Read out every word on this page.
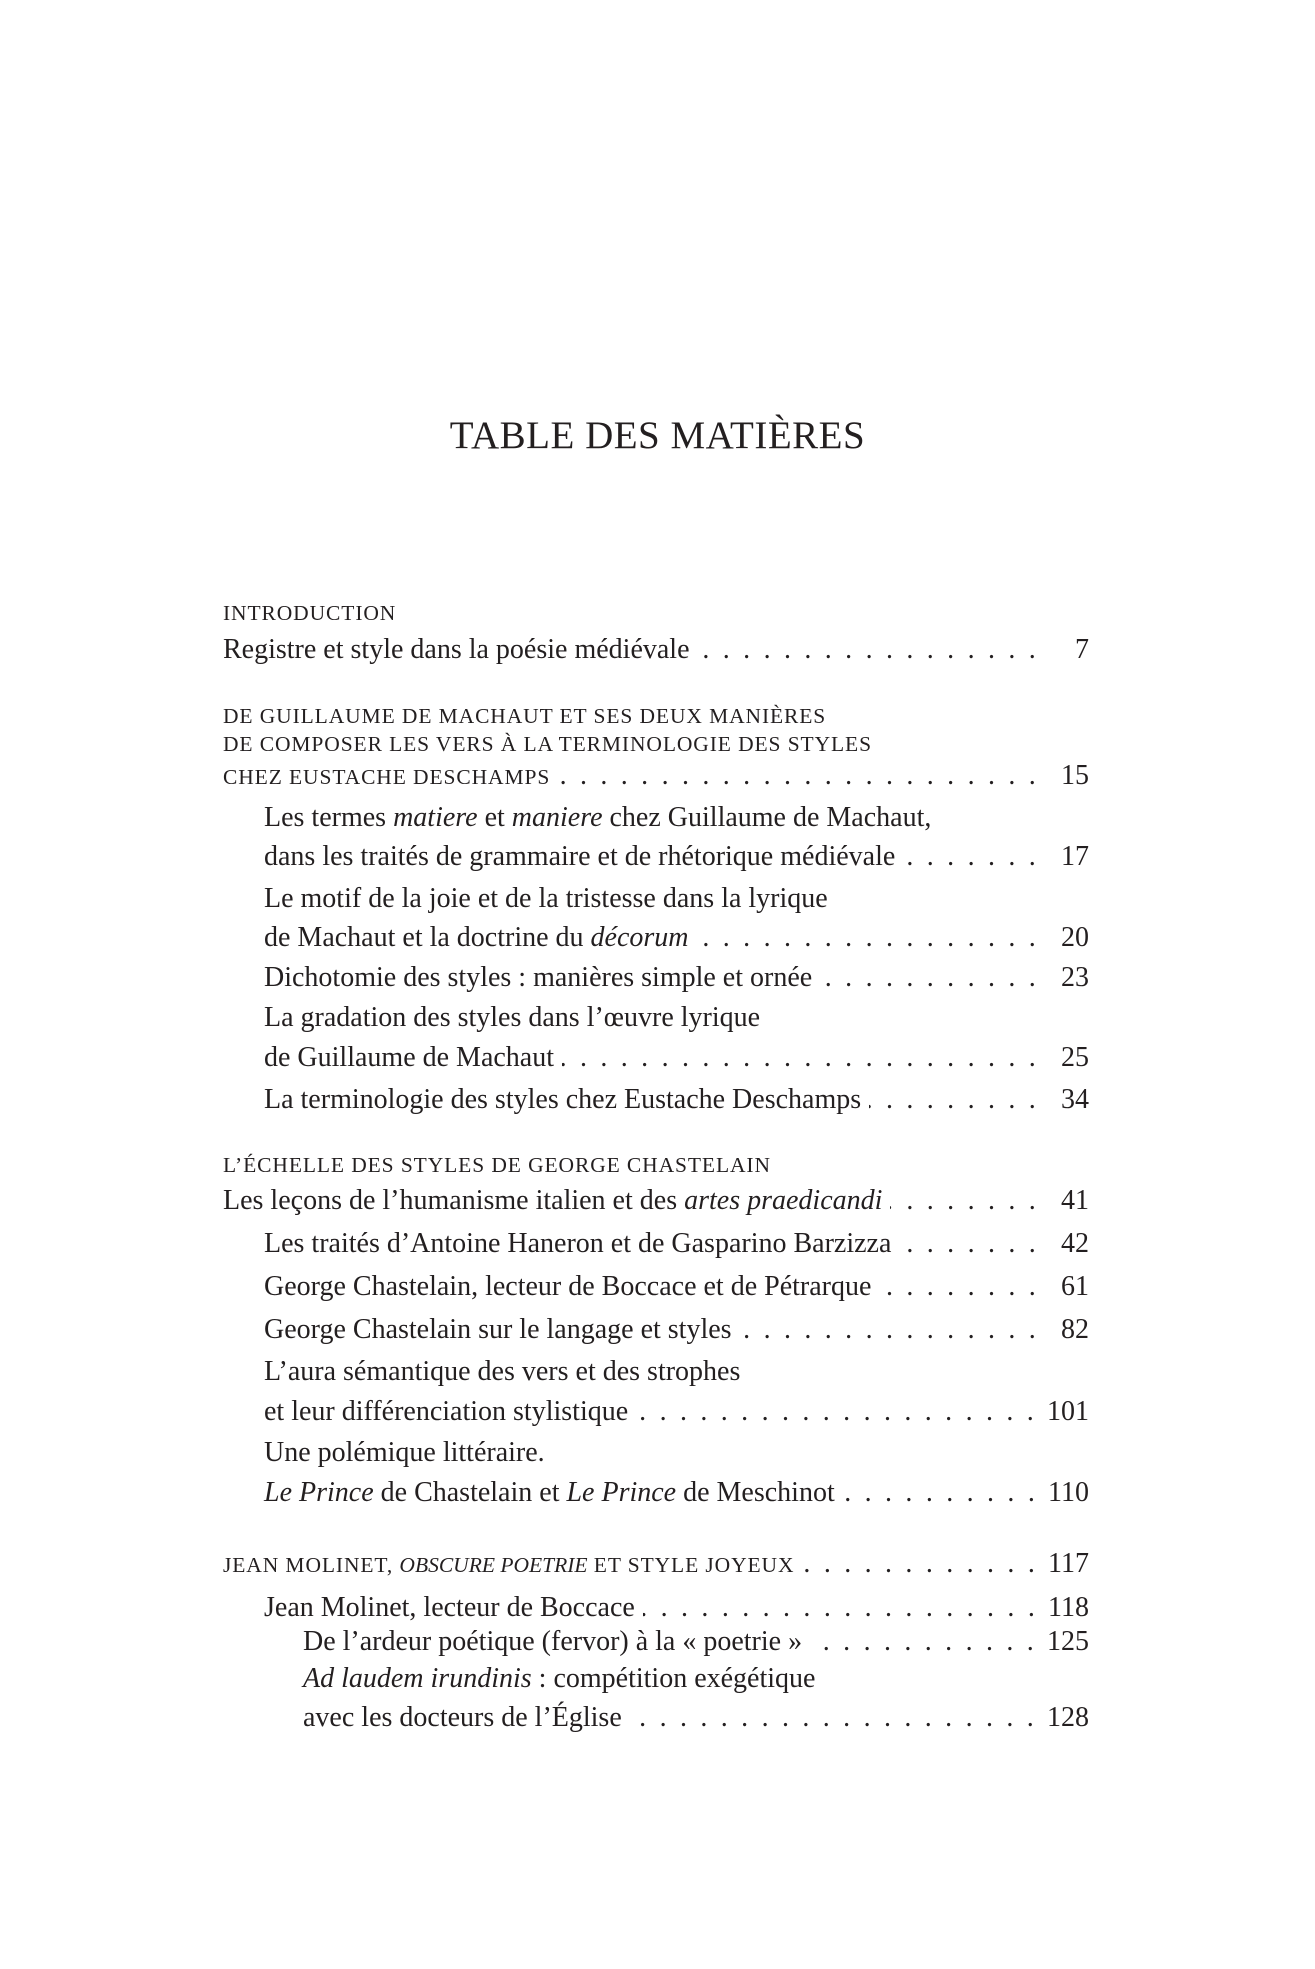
TABLE DES MATIÈRES
INTRODUCTION
Registre et style dans la poésie médiévale . . .	7
DE GUILLAUME DE MACHAUT ET SES DEUX MANIÈRES
DE COMPOSER LES VERS À LA TERMINOLOGIE DES STYLES
CHEZ EUSTACHE DESCHAMPS . . .	15
Les termes matiere et maniere chez Guillaume de Machaut,
dans les traités de grammaire et de rhétorique médiévale . . .	17
Le motif de la joie et de la tristesse dans la lyrique
de Machaut et la doctrine du décorum . . .	20
Dichotomie des styles : manières simple et ornée . . .	23
La gradation des styles dans l’œuvre lyrique
de Guillaume de Machaut . . .	25
La terminologie des styles chez Eustache Deschamps . . .	34
L’ÉCHELLE DES STYLES DE GEORGE CHASTELAIN
Les leçons de l’humanisme italien et des artes praedicandi . . .	41
Les traités d’Antoine Haneron et de Gasparino Barzizza . . .	42
George Chastelain, lecteur de Boccace et de Pétrarque . . .	61
George Chastelain sur le langage et styles . . .	82
L’aura sémantique des vers et des strophes
et leur différenciation stylistique . . .	101
Une polémique littéraire.
Le Prince de Chastelain et Le Prince de Meschinot . . .	110
JEAN MOLINET, OBSCURE POETRIE ET STYLE JOYEUX . . .	117
Jean Molinet, lecteur de Boccace . . .	118
De l’ardeur poétique (fervor) à la « poetrie » . . .	125
Ad laudem irundinis : compétition exégétique
avec les docteurs de l’Église . . .	128
